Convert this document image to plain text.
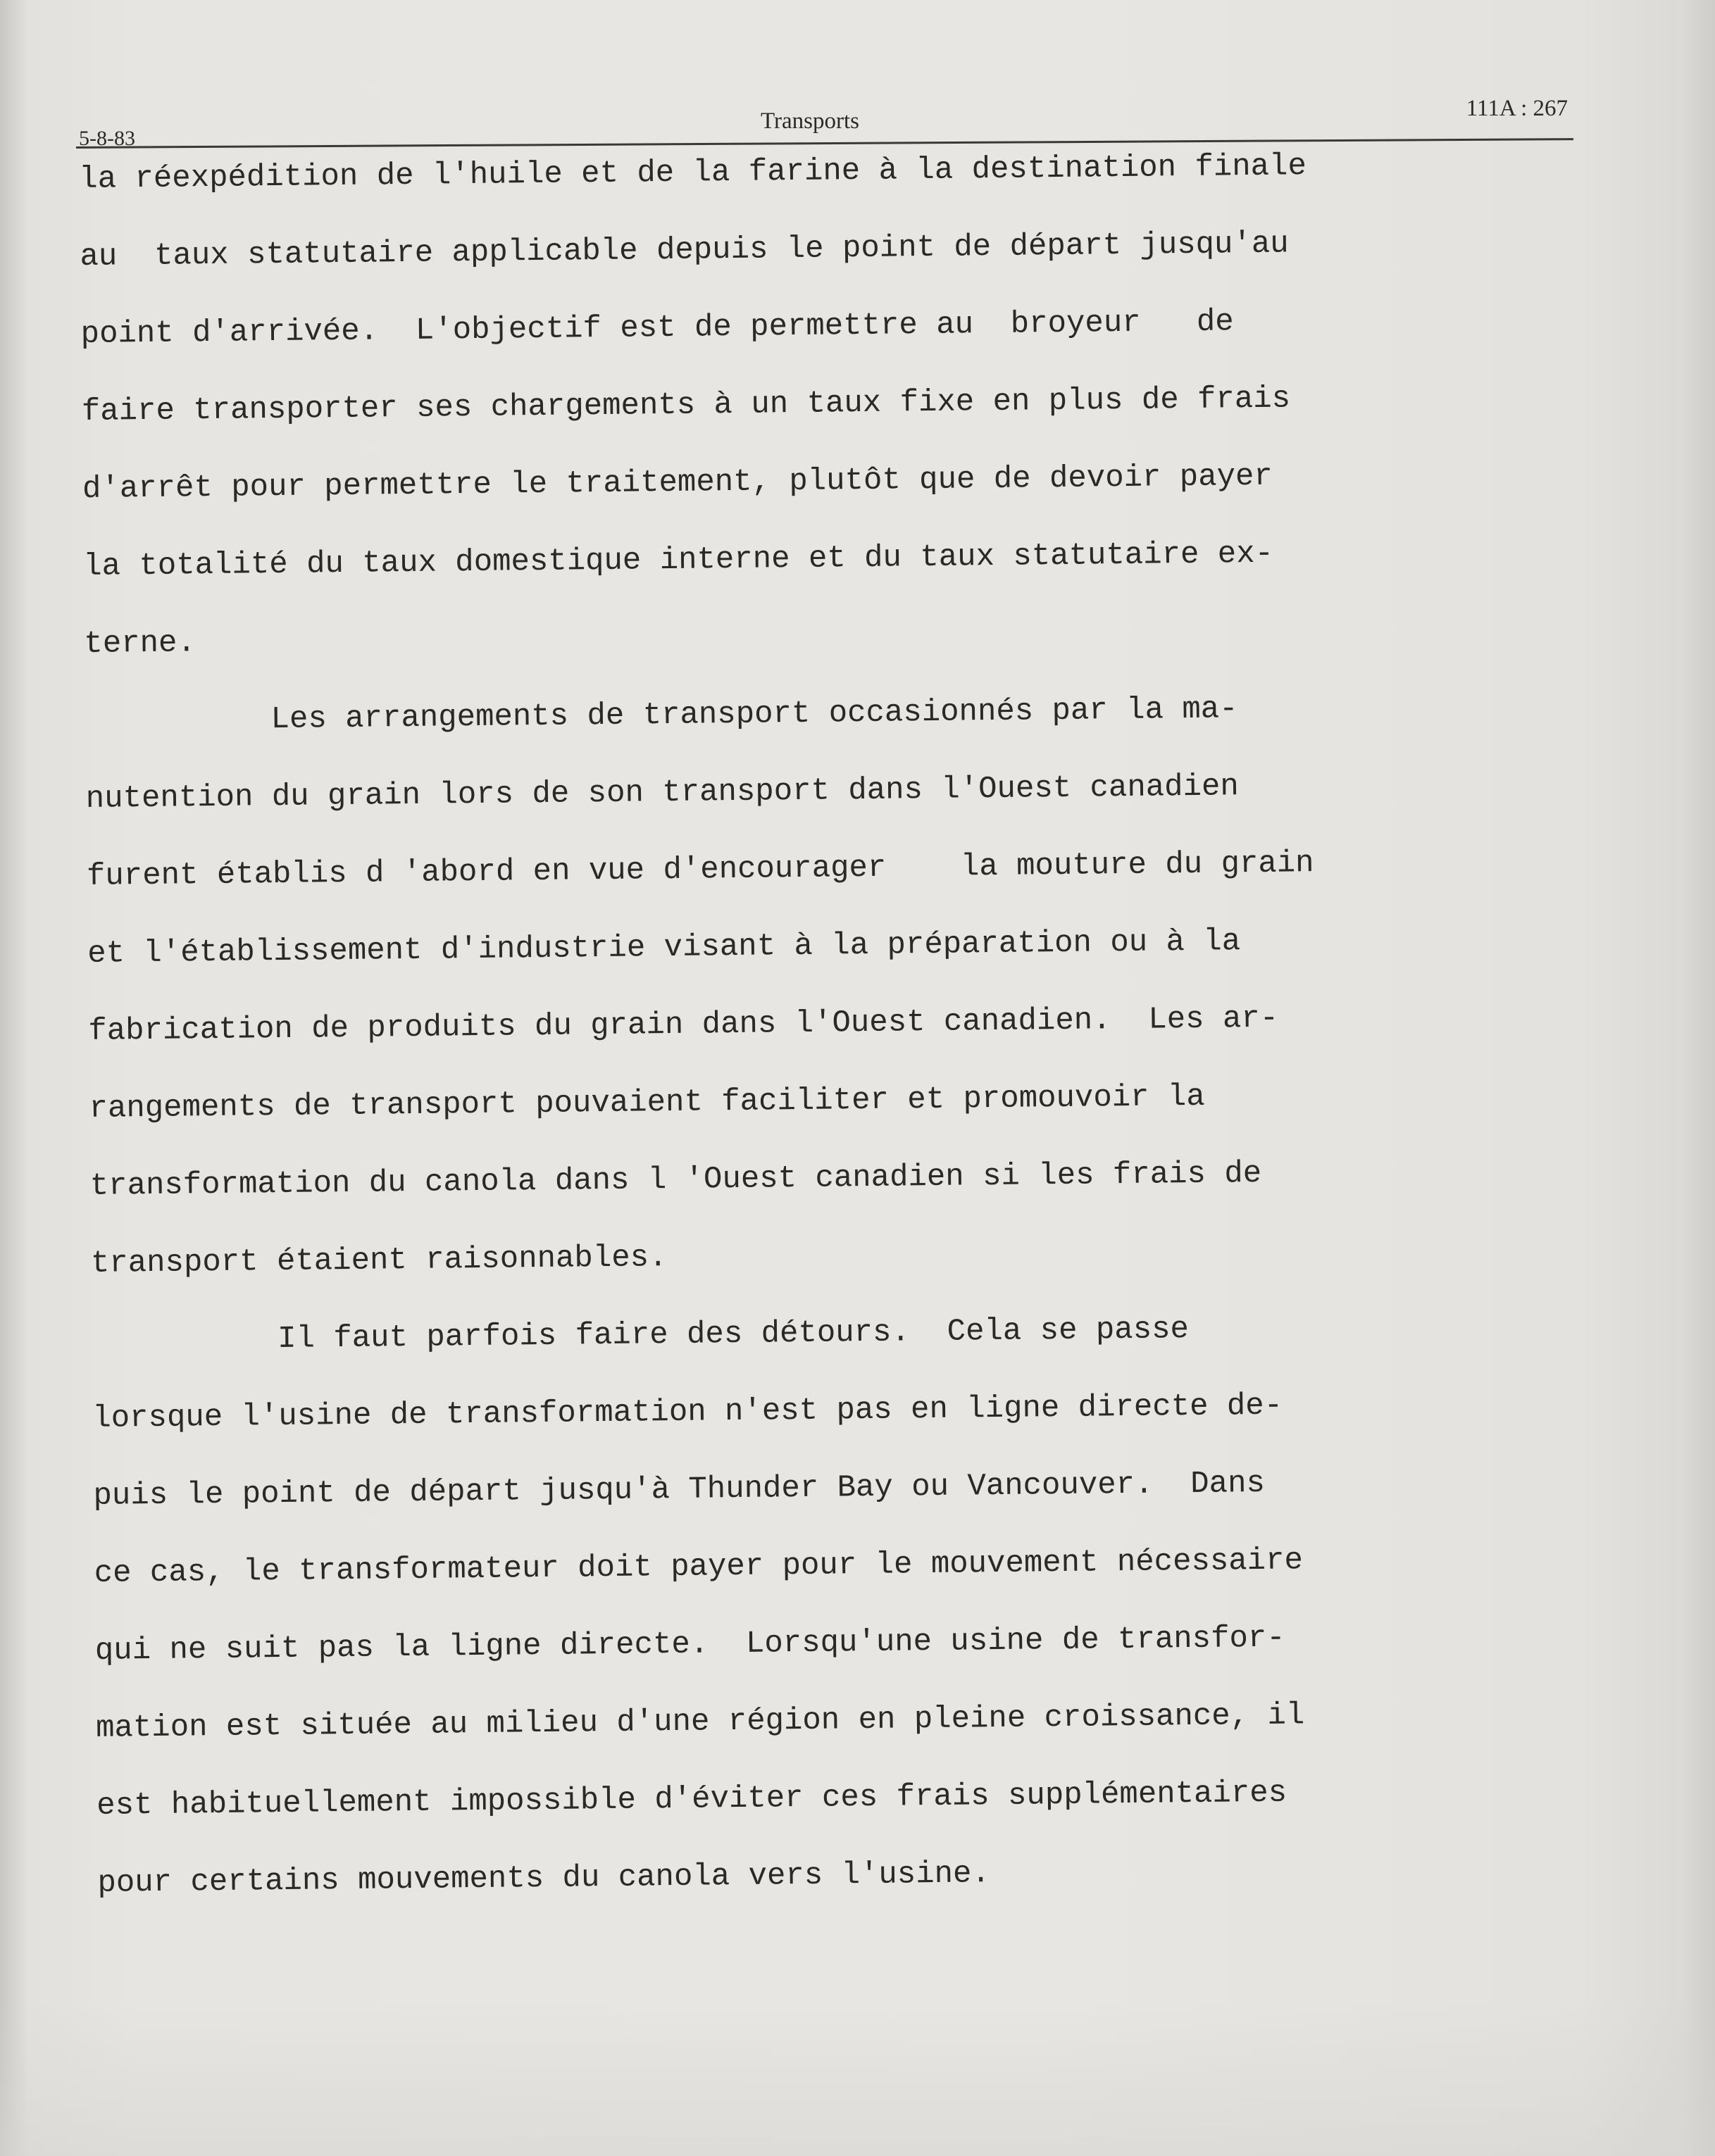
5-8-83
Transports	111A : 267
la réexpédition de l'huile et de la farine à la destination finale
au  taux statutaire applicable depuis le point de départ jusqu'au
point d'arrivée.  L'objectif est de permettre au  broyeur   de
faire transporter ses chargements à un taux fixe en plus de frais
d'arrêt pour permettre le traitement, plutôt que de devoir payer
la totalité du taux domestique interne et du taux statutaire ex-
terne.
Les arrangements de transport occasionnés par la ma-
nutention du grain lors de son transport dans l'Ouest canadien
furent établis d 'abord en vue d'encourager    la mouture du grain
et l'établissement d'industrie visant à la préparation ou à la
fabrication de produits du grain dans l'Ouest canadien.  Les ar-
rangements de transport pouvaient faciliter et promouvoir la
transformation du canola dans l 'Ouest canadien si les frais de
transport étaient raisonnables.
Il faut parfois faire des détours.  Cela se passe
lorsque l'usine de transformation n'est pas en ligne directe de-
puis le point de départ jusqu'à Thunder Bay ou Vancouver.  Dans
ce cas, le transformateur doit payer pour le mouvement nécessaire
qui ne suit pas la ligne directe.  Lorsqu'une usine de transfor-
mation est située au milieu d'une région en pleine croissance, il
est habituellement impossible d'éviter ces frais supplémentaires
pour certains mouvements du canola vers l'usine.
